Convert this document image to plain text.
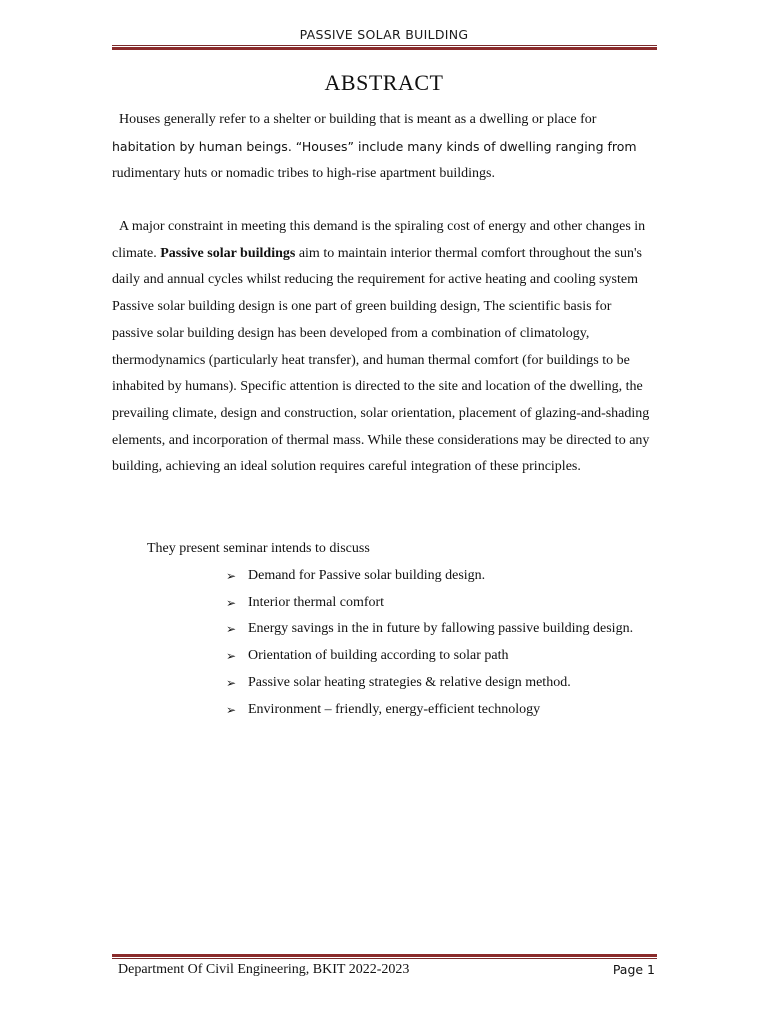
PASSIVE SOLAR BUILDING
ABSTRACT
Houses generally refer to a shelter or building that is meant as a dwelling or place for
habitation by human beings. “Houses” include many kinds of dwelling ranging from
rudimentary huts or nomadic tribes to high-rise apartment buildings.
A major constraint in meeting this demand is the spiraling cost of energy and other changes in climate. Passive solar buildings aim to maintain interior thermal comfort throughout the sun's daily and annual cycles whilst reducing the requirement for active heating and cooling system Passive solar building design is one part of green building design, The scientific basis for passive solar building design has been developed from a combination of climatology, thermodynamics (particularly heat transfer), and human thermal comfort (for buildings to be inhabited by humans). Specific attention is directed to the site and location of the dwelling, the prevailing climate, design and construction, solar orientation, placement of glazing-and-shading elements, and incorporation of thermal mass. While these considerations may be directed to any building, achieving an ideal solution requires careful integration of these principles.
They present seminar intends to discuss
➢ Demand for Passive solar building design.
➢ Interior thermal comfort
➢ Energy savings in the in future by fallowing passive building design.
➢ Orientation of building according to solar path
➢ Passive solar heating strategies & relative design method.
➢ Environment – friendly, energy-efficient technology
Department Of Civil Engineering, BKIT 2022-2023	Page 1
